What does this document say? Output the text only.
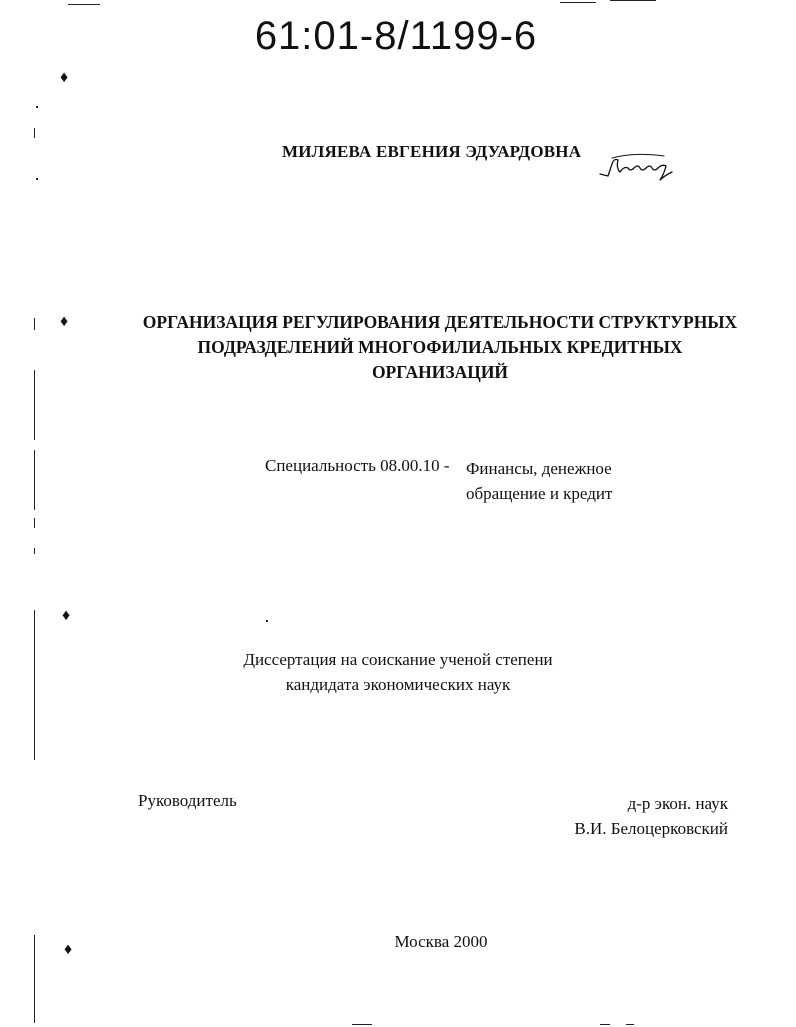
♦
♦
♦
♦
61:01-8/1199-6
МИЛЯЕВА ЕВГЕНИЯ ЭДУАРДОВНА
ОРГАНИЗАЦИЯ РЕГУЛИРОВАНИЯ ДЕЯТЕЛЬНОСТИ СТРУКТУРНЫХ
ПОДРАЗДЕЛЕНИЙ МНОГОФИЛИАЛЬНЫХ КРЕДИТНЫХ
ОРГАНИЗАЦИЙ
Специальность 08.00.10 - Финансы, денежное
обращение и кредит
Диссертация на соискание ученой степени
кандидата экономических наук
Руководитель	д-р экон. наук
В.И. Белоцерковский
Москва 2000
